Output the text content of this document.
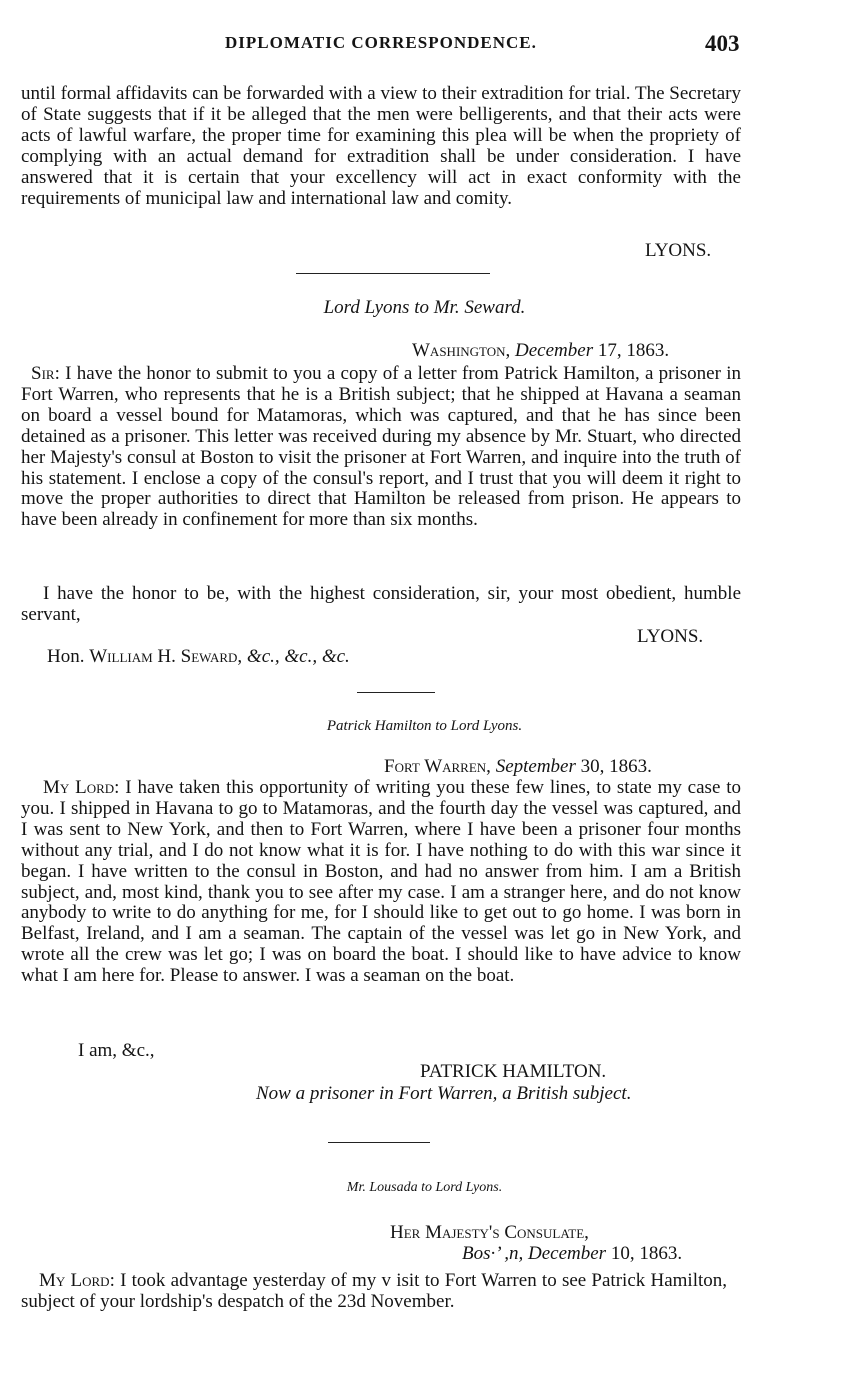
DIPLOMATIC CORRESPONDENCE.	403

until formal affidavits can be forwarded with a view to their extradition for trial. The Secretary of State suggests that if it be alleged that the men were belligerents, and that their acts were acts of lawful warfare, the proper time for examining this plea will be when the propriety of complying with an actual demand for extradition shall be under consideration. I have answered that it is certain that your excellency will act in exact conformity with the requirements of municipal law and international law and comity.

LYONS.
Lord Lyons to Mr. Seward.
Washington, December 17, 1863.

Sir: I have the honor to submit to you a copy of a letter from Patrick Hamilton, a prisoner in Fort Warren, who represents that he is a British subject; that he shipped at Havana a seaman on board a vessel bound for Matamoras, which was captured, and that he has since been detained as a prisoner. This letter was received during my absence by Mr. Stuart, who directed her Majesty's consul at Boston to visit the prisoner at Fort Warren, and inquire into the truth of his statement. I enclose a copy of the consul's report, and I trust that you will deem it right to move the proper authorities to direct that Hamilton be released from prison. He appears to have been already in confinement for more than six months.

I have the honor to be, with the highest consideration, sir, your most obedient, humble servant,

LYONS.
Hon. William H. Seward, &c., &c., &c.
Patrick Hamilton to Lord Lyons.
Fort Warren, September 30, 1863.

My Lord: I have taken this opportunity of writing you these few lines, to state my case to you. I shipped in Havana to go to Matamoras, and the fourth day the vessel was captured, and I was sent to New York, and then to Fort Warren, where I have been a prisoner four months without any trial, and I do not know what it is for. I have nothing to do with this war since it began. I have written to the consul in Boston, and had no answer from him. I am a British subject, and, most kind, thank you to see after my case. I am a stranger here, and do not know anybody to write to do anything for me, for I should like to get out to go home. I was born in Belfast, Ireland, and I am a seaman. The captain of the vessel was let go in New York, and wrote all the crew was let go; I was on board the boat. I should like to have advice to know what I am here for. Please to answer. I was a seaman on the boat.

I am, &c.,
PATRICK HAMILTON.
Now a prisoner in Fort Warren, a British subject.
Mr. Lousada to Lord Lyons.
Her Majesty's Consulate,
Bos·’ ,n, December 10, 1863.

My Lord: I took advantage yesterday of my v isit to Fort Warren to see Patrick Hamilton, subject of your lordship's despatch of the 23d November.
